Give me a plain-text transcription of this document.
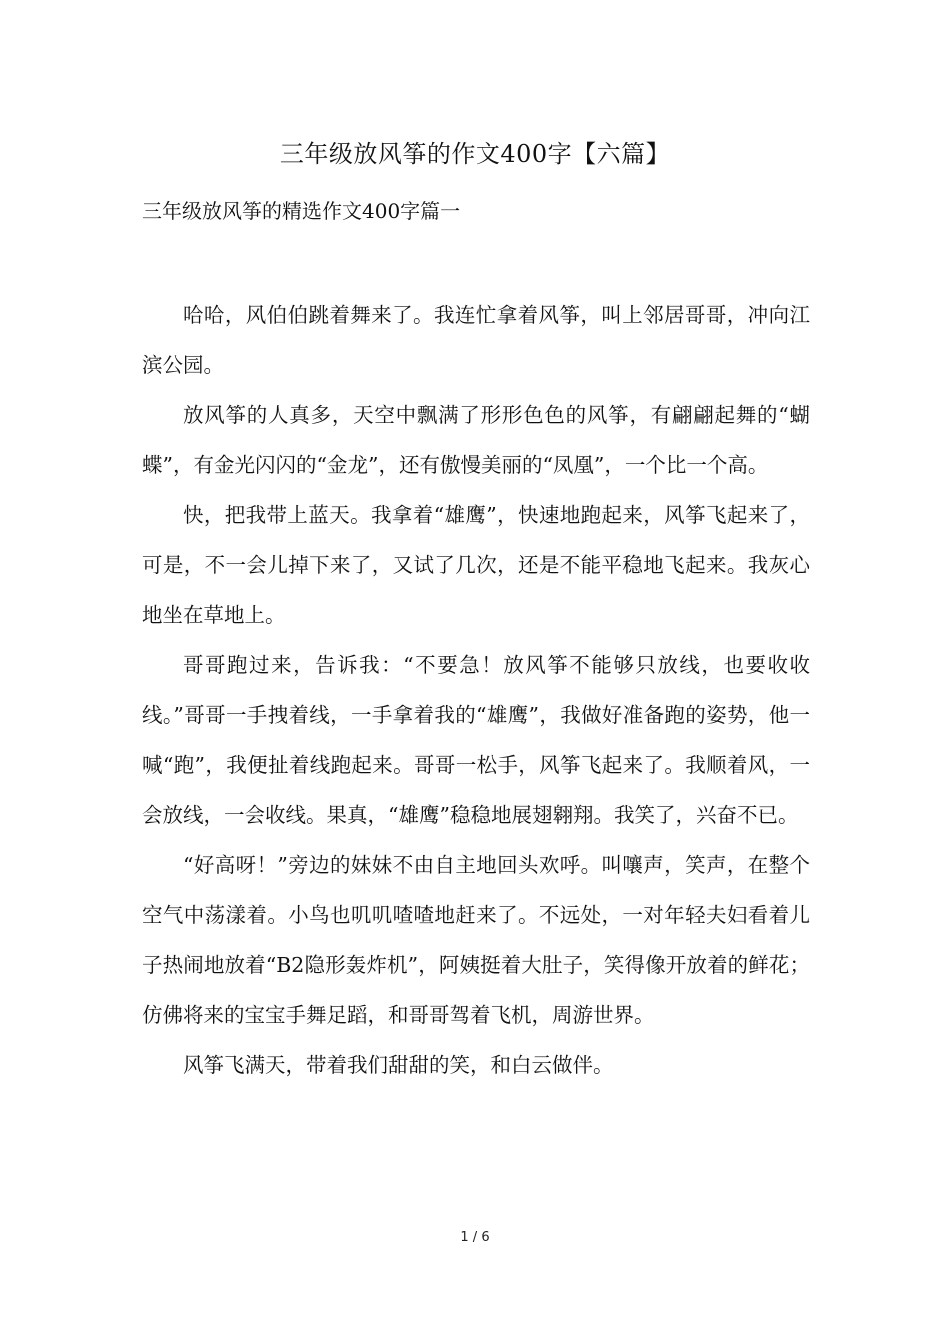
三年级放风筝的作文400字【六篇】
三年级放风筝的精选作文400字篇一

哈哈，风伯伯跳着舞来了。我连忙拿着风筝，叫上邻居哥哥，冲向江滨公园。

放风筝的人真多，天空中飘满了形形色色的风筝，有翩翩起舞的“蝴蝶”，有金光闪闪的“金龙”，还有傲慢美丽的“凤凰”，一个比一个高。

快，把我带上蓝天。我拿着“雄鹰”，快速地跑起来，风筝飞起来了，可是，不一会儿掉下来了，又试了几次，还是不能平稳地飞起来。我灰心地坐在草地上。

哥哥跑过来，告诉我：“不要急！放风筝不能够只放线，也要收收线。”哥哥一手拽着线，一手拿着我的“雄鹰”，我做好准备跑的姿势，他一喊“跑”，我便扯着线跑起来。哥哥一松手，风筝飞起来了。我顺着风，一会放线，一会收线。果真，“雄鹰”稳稳地展翅翱翔。我笑了，兴奋不已。

“好高呀！”旁边的妹妹不由自主地回头欢呼。叫嚷声，笑声，在整个空气中荡漾着。小鸟也叽叽喳喳地赶来了。不远处，一对年轻夫妇看着儿子热闹地放着“B2隐形轰炸机”，阿姨挺着大肚子，笑得像开放着的鲜花；仿佛将来的宝宝手舞足蹈，和哥哥驾着飞机，周游世界。

风筝飞满天，带着我们甜甜的笑，和白云做伴。

1 / 6
